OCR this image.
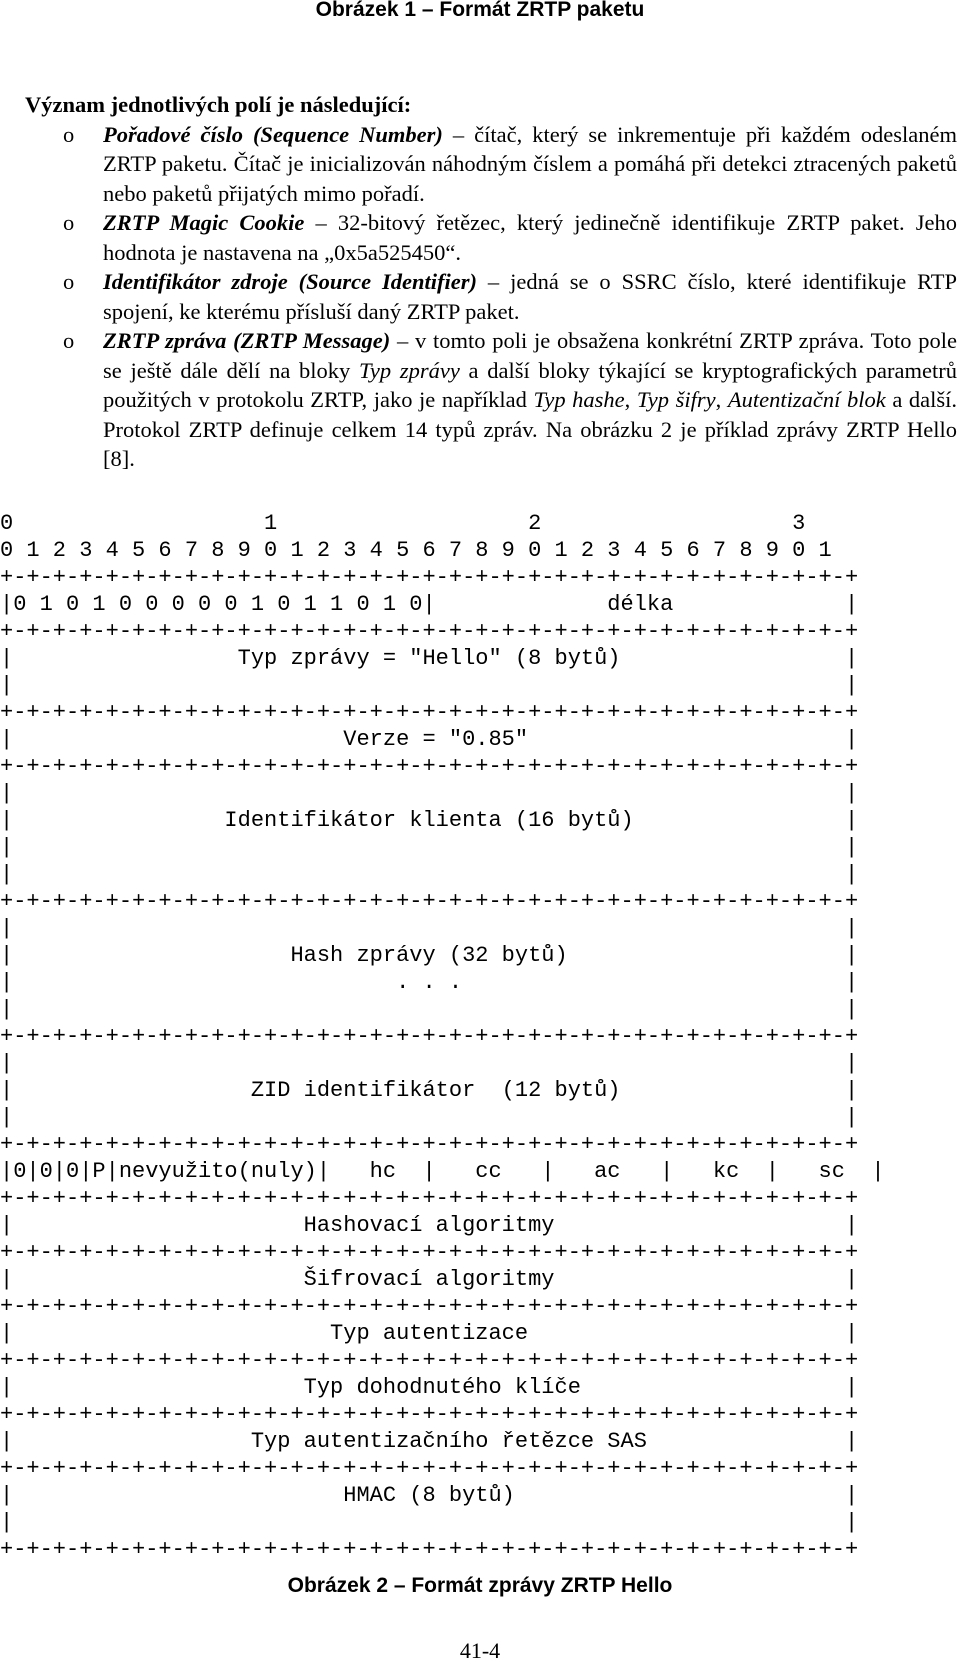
Obrázek 1 – Formát ZRTP paketu
Význam jednotlivých polí je následující:
o Pořadové číslo (Sequence Number) – čítač, který se inkrementuje při každém odeslaném ZRTP paketu. Čítač je inicializován náhodným číslem a pomáhá při detekci ztracených paketů nebo paketů přijatých mimo pořadí.
o ZRTP Magic Cookie – 32-bitový řetězec, který jedinečně identifikuje ZRTP paket. Jeho hodnota je nastavena na „0x5a525450“.
o Identifikátor zdroje (Source Identifier) – jedná se o SSRC číslo, které identifikuje RTP spojení, ke kterému přísluší daný ZRTP paket.
o ZRTP zpráva (ZRTP Message) – v tomto poli je obsažena konkrétní ZRTP zpráva. Toto pole se ještě dále dělí na bloky Typ zprávy a další bloky týkající se kryptografických parametrů použitých v protokolu ZRTP, jako je například Typ hashe, Typ šifry, Autentizační blok a další. Protokol ZRTP definuje celkem 14 typů zpráv. Na obrázku 2 je příklad zprávy ZRTP Hello [8].
0                   1                   2                   3
0 1 2 3 4 5 6 7 8 9 0 1 2 3 4 5 6 7 8 9 0 1 2 3 4 5 6 7 8 9 0 1
+-+-+-+-+-+-+-+-+-+-+-+-+-+-+-+-+-+-+-+-+-+-+-+-+-+-+-+-+-+-+-+-+
|0 1 0 1 0 0 0 0 0 1 0 1 1 0 1 0|             délka             |
+-+-+-+-+-+-+-+-+-+-+-+-+-+-+-+-+-+-+-+-+-+-+-+-+-+-+-+-+-+-+-+-+
|                 Typ zprávy = "Hello" (8 bytů)                 |
|                                                               |
+-+-+-+-+-+-+-+-+-+-+-+-+-+-+-+-+-+-+-+-+-+-+-+-+-+-+-+-+-+-+-+-+
|                         Verze = "0.85"                        |
+-+-+-+-+-+-+-+-+-+-+-+-+-+-+-+-+-+-+-+-+-+-+-+-+-+-+-+-+-+-+-+-+
|                                                               |
|                Identifikátor klienta (16 bytů)                |
|                                                               |
|                                                               |
+-+-+-+-+-+-+-+-+-+-+-+-+-+-+-+-+-+-+-+-+-+-+-+-+-+-+-+-+-+-+-+-+
|                                                               |
|                     Hash zprávy (32 bytů)                     |
|                             . . .                             |
|                                                               |
+-+-+-+-+-+-+-+-+-+-+-+-+-+-+-+-+-+-+-+-+-+-+-+-+-+-+-+-+-+-+-+-+
|                                                               |
|                  ZID identifikátor  (12 bytů)                 |
|                                                               |
+-+-+-+-+-+-+-+-+-+-+-+-+-+-+-+-+-+-+-+-+-+-+-+-+-+-+-+-+-+-+-+-+
|0|0|0|P|nevyužito(nuly)|   hc  |   cc   |   ac   |   kc  |   sc  |
+-+-+-+-+-+-+-+-+-+-+-+-+-+-+-+-+-+-+-+-+-+-+-+-+-+-+-+-+-+-+-+-+
|                      Hashovací algoritmy                      |
+-+-+-+-+-+-+-+-+-+-+-+-+-+-+-+-+-+-+-+-+-+-+-+-+-+-+-+-+-+-+-+-+
|                      Šifrovací algoritmy                      |
+-+-+-+-+-+-+-+-+-+-+-+-+-+-+-+-+-+-+-+-+-+-+-+-+-+-+-+-+-+-+-+-+
|                        Typ autentizace                        |
+-+-+-+-+-+-+-+-+-+-+-+-+-+-+-+-+-+-+-+-+-+-+-+-+-+-+-+-+-+-+-+-+
|                      Typ dohodnutého klíče                    |
+-+-+-+-+-+-+-+-+-+-+-+-+-+-+-+-+-+-+-+-+-+-+-+-+-+-+-+-+-+-+-+-+
|                  Typ autentizačního řetězce SAS               |
+-+-+-+-+-+-+-+-+-+-+-+-+-+-+-+-+-+-+-+-+-+-+-+-+-+-+-+-+-+-+-+-+
|                         HMAC (8 bytů)                         |
|                                                               |
+-+-+-+-+-+-+-+-+-+-+-+-+-+-+-+-+-+-+-+-+-+-+-+-+-+-+-+-+-+-+-+-+
Obrázek 2 – Formát zprávy ZRTP Hello
41-4
